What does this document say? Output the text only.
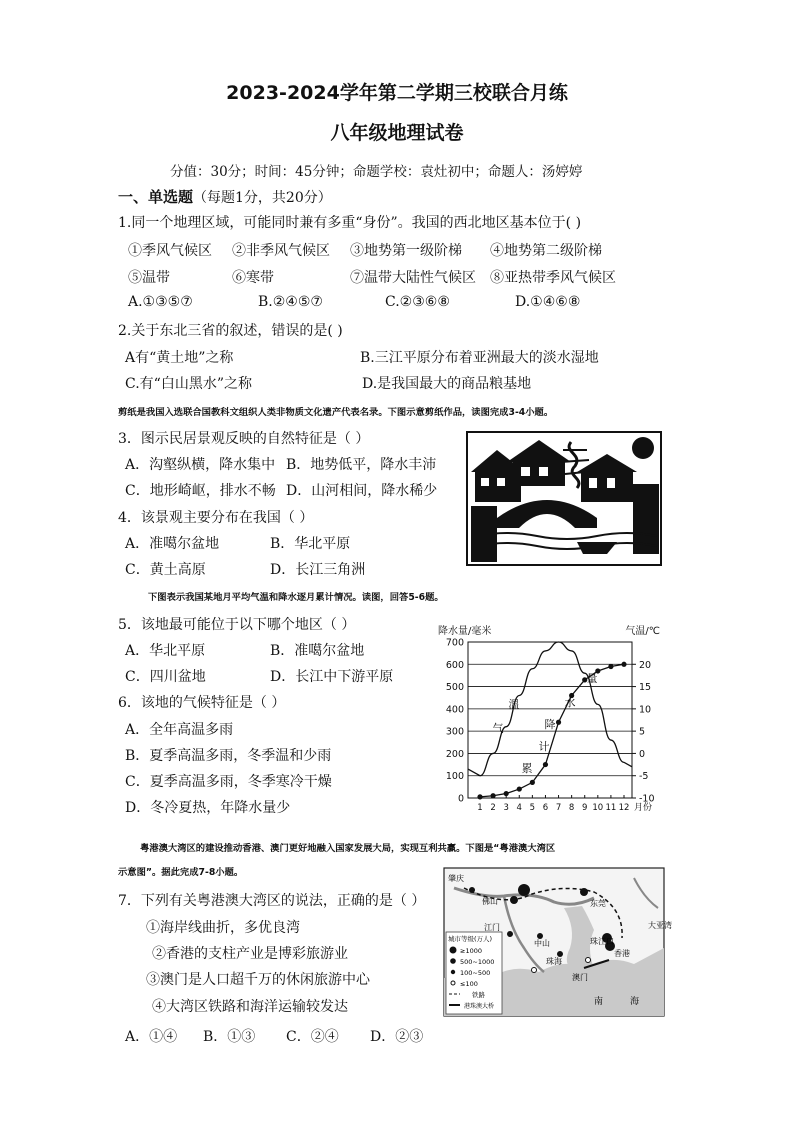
2023-2024学年第二学期三校联合月练
八年级地理试卷
分值：30分；时间：45分钟；命题学校：袁灶初中；命题人：汤婷婷
一、单选题（每题1分，共20分）
1.同一个地理区域，可能同时兼有多重“身份”。我国的西北地区基本位于( )
①季风气候区 ②非季风气候区 ③地势第一级阶梯 ④地势第二级阶梯
⑤温带	⑥寒带	⑦温带大陆性气候区 ⑧亚热带季风气候区
A.①③⑤⑦	B.②④⑤⑦	C.②③⑥⑧	D.①④⑥⑧
2.关于东北三省的叙述，错误的是( )
A有“黄土地”之称	B.三江平原分布着亚洲最大的淡水湿地
C.有“白山黑水”之称	D.是我国最大的商品粮基地
剪纸是我国入选联合国教科文组织人类非物质文化遗产代表名录。下图示意剪纸作品，读图完成3-4小题。
3．图示民居景观反映的自然特征是（ ）
A．沟壑纵横，降水集中 B．地势低平，降水丰沛
C．地形崎岖，排水不畅 D．山河相间，降水稀少
4．该景观主要分布在我国（ ）
A．准噶尔盆地	B．华北平原
C．黄土高原	D．长江三角洲
下图表示我国某地月平均气温和降水逐月累计情况。读图，回答5-6题。
5．该地最可能位于以下哪个地区（ ）
A．华北平原	B．准噶尔盆地
C．四川盆地	D．长江中下游平原
6．该地的气候特征是（ ）
A．全年高温多雨
B．夏季高温多雨，冬季温和少雨
C．夏季高温多雨，冬季寒冷干燥
D．冬冷夏热，年降水量少
0
100
200
300
400
500
600
700
20
15
10
5
0
-5
-10
1 2 3 4 5 6 7 8 9 10 11 12
降水量/毫米	气温/℃
月份
温
气
量
水
降
计
累
粤港澳大湾区的建设推动香港、澳门更好地融入国家发展大局，实现互利共赢。下图是“粤港澳大湾区
示意图”。据此完成7-8小题。
7．下列有关粤港澳大湾区的说法，正确的是（ ）
①海岸线曲折，多优良湾
②香港的支柱产业是博彩旅游业
③澳门是人口超千万的休闲旅游中心
④大湾区铁路和海洋运输较发达
A．①④ B．①③ C．②④ D．②③
肇庆
佛山	东莞
江门
中山	珠江口
珠海
香港
澳门
大亚湾
南	海
城市等级(万人)
≥1000
500~1000
100~500
≤100
铁路
港珠澳大桥
